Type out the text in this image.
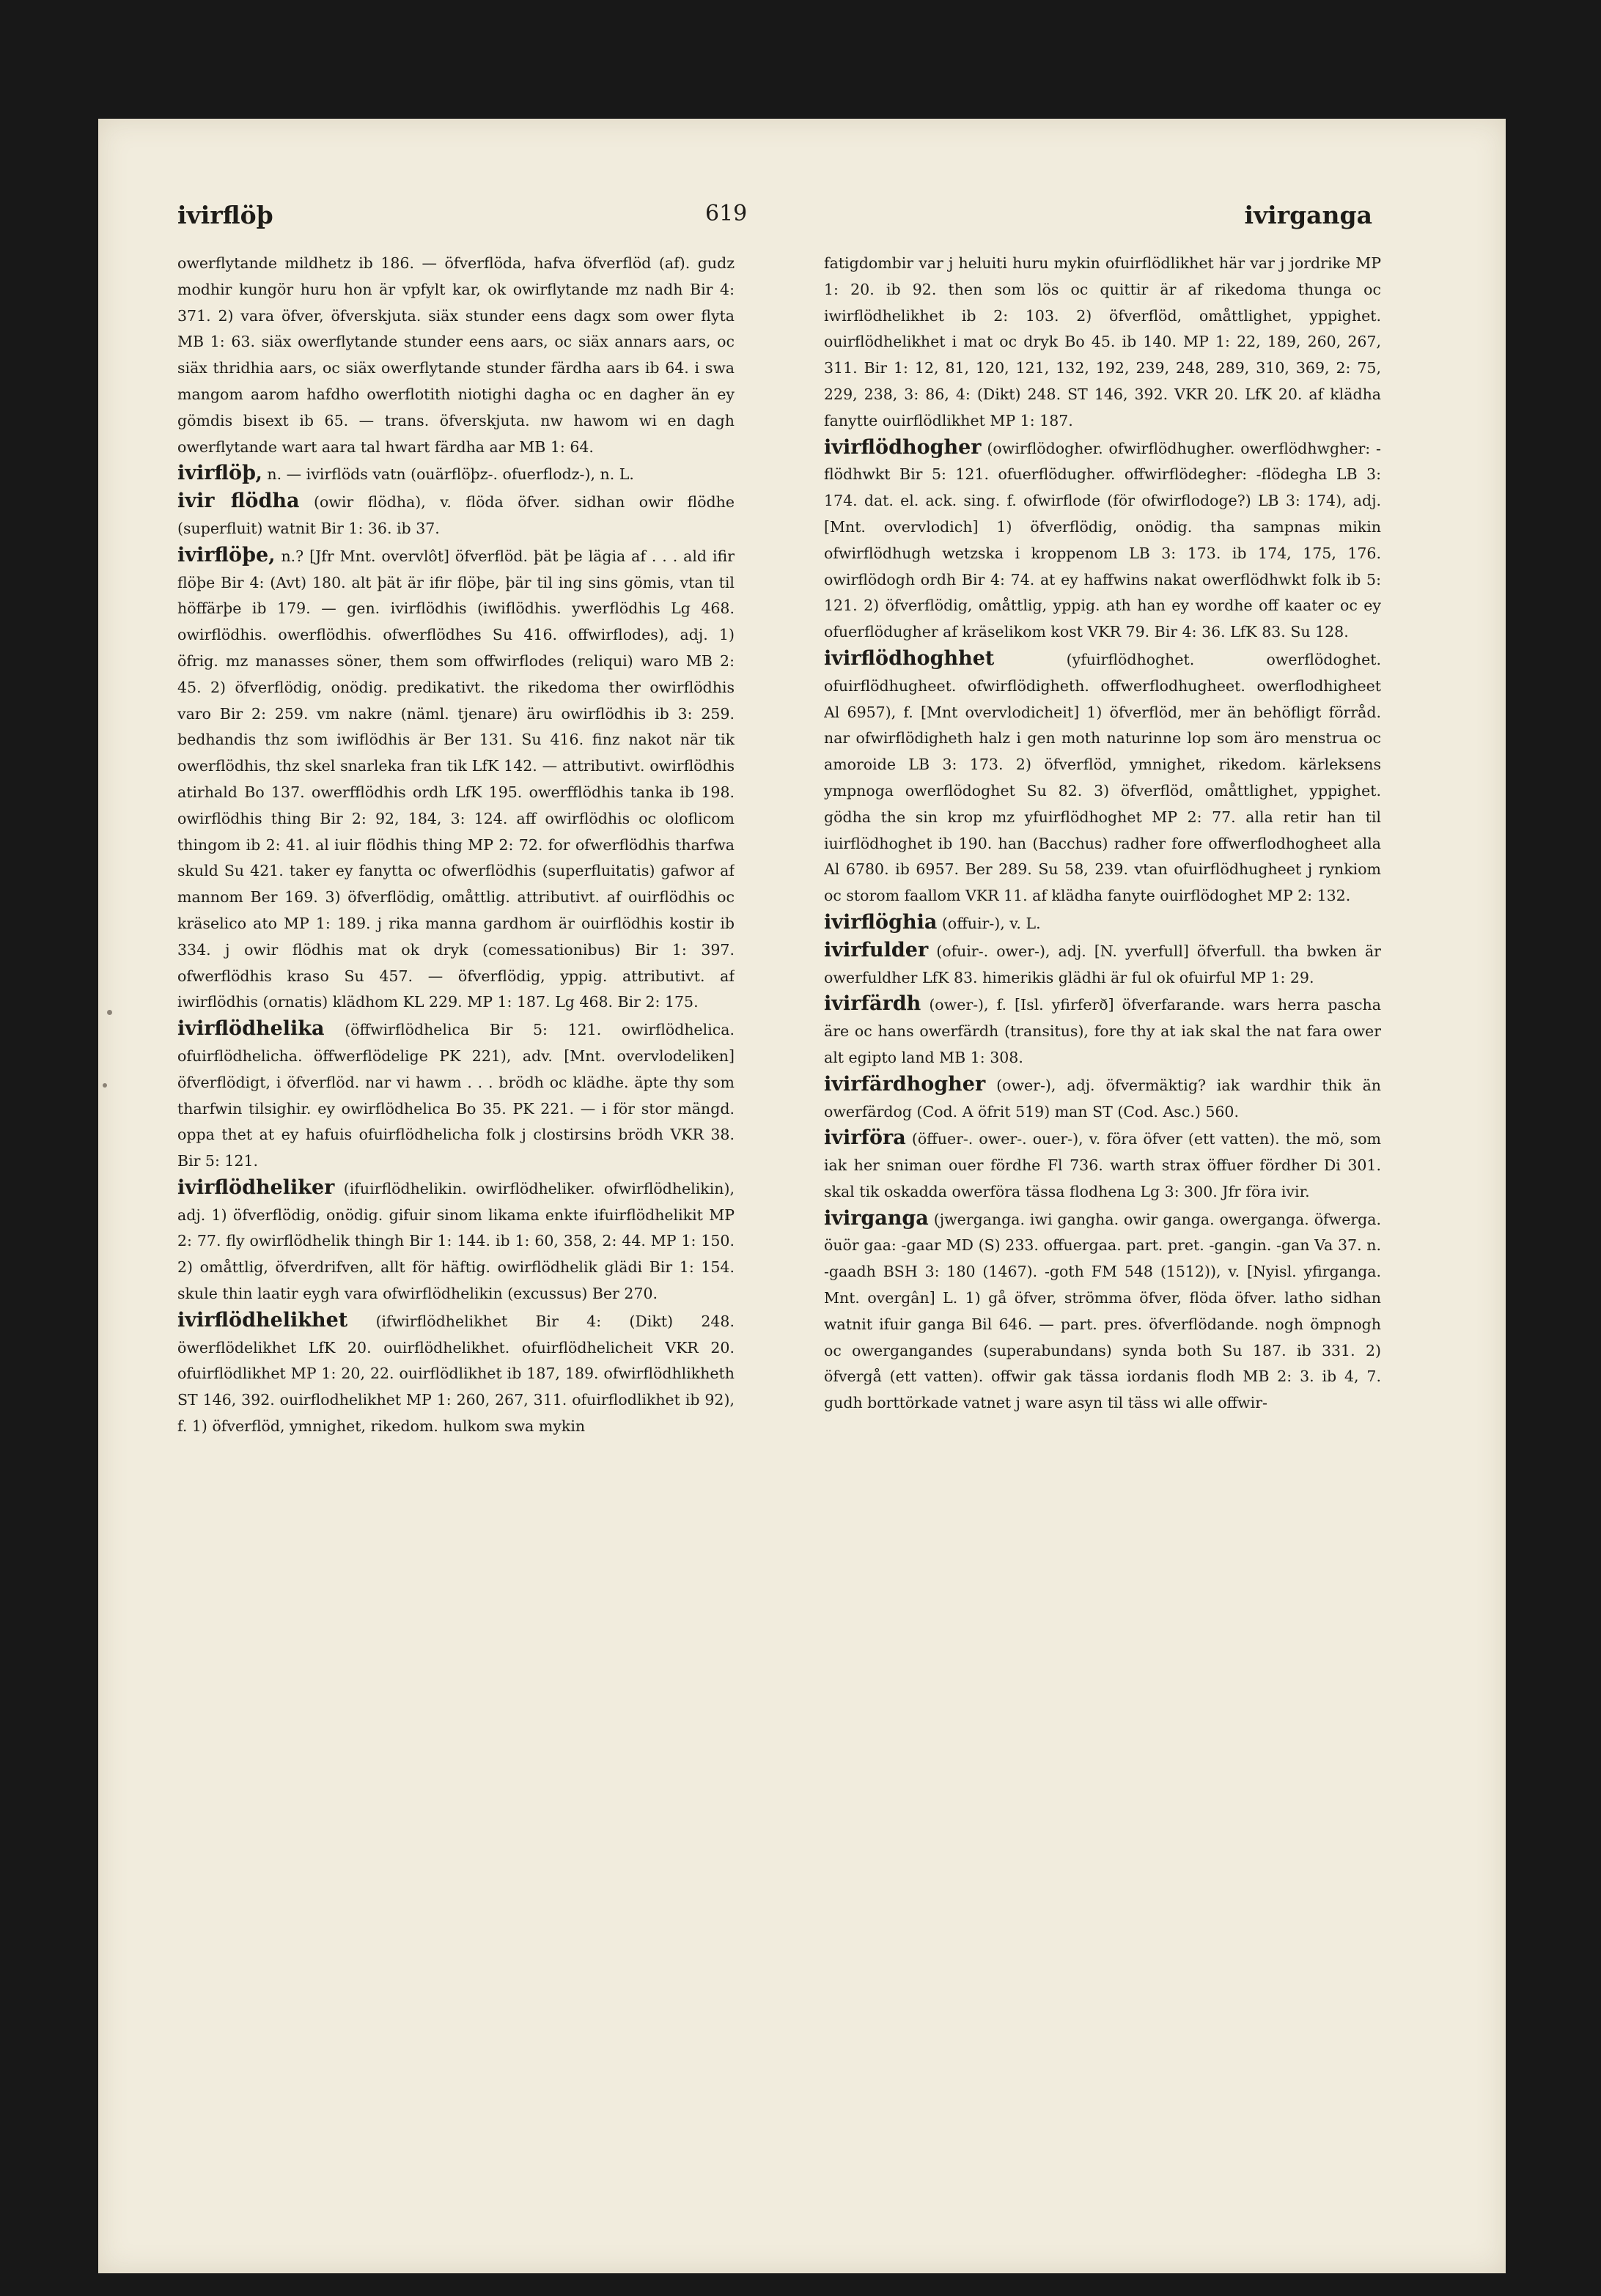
ivirflöþ	619	ivirganga

owerflytande mildhetz ib 186. — öfverflöda, hafva öfverflöd (af). gudz modhir kungör huru hon är vpfylt kar, ok owirflytande mz nadh Bir 4: 371. 2) vara öfver, öfverskjuta. siäx stunder eens dagx som ower flyta MB 1: 63. siäx owerflytande stunder eens aars, oc siäx annars aars, oc siäx thridhia aars, oc siäx owerflytande stunder färdha aars ib 64. i swa mangom aarom hafdho owerflotith niotighi dagha oc en dagher än ey gömdis bisext ib 65. — trans. öfverskjuta. nw hawom wi en dagh owerflytande wart aara tal hwart färdha aar MB 1: 64.

ivirflöþ, n. — ivirflöds vatn (ouärflöþz-. ofuerflodz-), n. L.

ivir flödha (owir flödha), v. flöda öfver. sidhan owir flödhe (superfluit) watnit Bir 1: 36. ib 37.

ivirflöþe, n.? [Jfr Mnt. overvlôt] öfverflöd. þät þe lägia af . . . ald ifir flöþe Bir 4: (Avt) 180. alt þät är ifir flöþe, þär til ing sins gömis, vtan til höffärþe ib 179. — gen. ivirflödhis (iwiflödhis. ywerflödhis Lg 468. owirflödhis. owerflödhis. ofwerflödhes Su 416. offwirflodes), adj. 1) öfrig. mz manasses söner, them som offwirflodes (reliqui) waro MB 2: 45. 2) öfverflödig, onödig. predikativt. the rikedoma ther owirflödhis varo Bir 2: 259. vm nakre (näml. tjenare) äru owirflödhis ib 3: 259. bedhandis thz som iwiflödhis är Ber 131. Su 416. finz nakot när tik owerflödhis, thz skel snarleka fran tik LfK 142. — attributivt. owirflödhis atirhald Bo 137. owerfflödhis ordh LfK 195. owerfflödhis tanka ib 198. owirflödhis thing Bir 2: 92, 184, 3: 124. aff owirflödhis oc oloflicom thingom ib 2: 41. al iuir flödhis thing MP 2: 72. for ofwerflödhis tharfwa skuld Su 421. taker ey fanytta oc ofwerflödhis (superfluitatis) gafwor af mannom Ber 169. 3) öfverflödig, omåttlig. attributivt. af ouirflödhis oc kräselico ato MP 1: 189. j rika manna gardhom är ouirflödhis kostir ib 334. j owir flödhis mat ok dryk (comessationibus) Bir 1: 397. ofwerflödhis kraso Su 457. — öfverflödig, yppig. attributivt. af iwirflödhis (ornatis) klädhom KL 229. MP 1: 187. Lg 468. Bir 2: 175.

ivirflödhelika (öffwirflödhelica Bir 5: 121. owirflödhelica. ofuirflödhelicha. öffwerflödelige PK 221), adv. [Mnt. overvlodeliken] öfverflödigt, i öfverflöd. nar vi hawm . . . brödh oc klädhe. äpte thy som tharfwin tilsighir. ey owirflödhelica Bo 35. PK 221. — i för stor mängd. oppa thet at ey hafuis ofuirflödhelicha folk j clostirsins brödh VKR 38. Bir 5: 121.

ivirflödheliker (ifuirflödhelikin. owirflödheliker. ofwirflödhelikin), adj. 1) öfverflödig, onödig. gifuir sinom likama enkte ifuirflödhelikit MP 2: 77. fly owirflödhelik thingh Bir 1: 144. ib 1: 60, 358, 2: 44. MP 1: 150. 2) omåttlig, öfverdrifven, allt för häftig. owirflödhelik glädi Bir 1: 154. skule thin laatir eygh vara ofwirflödhelikin (excussus) Ber 270.

ivirflödhelikhet (ifwirflödhelikhet Bir 4: (Dikt) 248. öwerflödelikhet LfK 20. ouirflödhelikhet. ofuirflödhelicheit VKR 20. ofuirflödlikhet MP 1: 20, 22. ouirflödlikhet ib 187, 189. ofwirflödhlikheth ST 146, 392. ouirflodhelikhet MP 1: 260, 267, 311. ofuirflodlikhet ib 92), f. 1) öfverflöd, ymnighet, rikedom. hulkom swa mykin

fatigdombir var j heluiti huru mykin ofuirflödlikhet här var j jordrike MP 1: 20. ib 92. then som lös oc quittir är af rikedoma thunga oc iwirflödhelikhet ib 2: 103. 2) öfverflöd, omåttlighet, yppighet. ouirflödhelikhet i mat oc dryk Bo 45. ib 140. MP 1: 22, 189, 260, 267, 311. Bir 1: 12, 81, 120, 121, 132, 192, 239, 248, 289, 310, 369, 2: 75, 229, 238, 3: 86, 4: (Dikt) 248. ST 146, 392. VKR 20. LfK 20. af klädha fanytte ouirflödlikhet MP 1: 187.

ivirflödhogher (owirflödogher. ofwirflödhugher. owerflödhwgher: -flödhwkt Bir 5: 121. ofuerflödugher. offwirflödegher: -flödegha LB 3: 174. dat. el. ack. sing. f. ofwirflode (för ofwirflodoge?) LB 3: 174), adj. [Mnt. overvlodich] 1) öfverflödig, onödig. tha sampnas mikin ofwirflödhugh wetzska i kroppenom LB 3: 173. ib 174, 175, 176. owirflödogh ordh Bir 4: 74. at ey haffwins nakat owerflödhwkt folk ib 5: 121. 2) öfverflödig, omåttlig, yppig. ath han ey wordhe off kaater oc ey ofuerflödugher af kräselikom kost VKR 79. Bir 4: 36. LfK 83. Su 128.

ivirflödhoghhet	(yfuirflödhoghet. owerflödoghet. ofuirflödhugheet. ofwirflödigheth. offwerflodhugheet. owerflodhigheet Al 6957), f. [Mnt overvlodicheit] 1) öfverflöd, mer än behöfligt förråd. nar ofwirflödigheth halz i gen moth naturinne lop som äro menstrua oc amoroide LB 3: 173. 2) öfverflöd, ymnighet, rikedom. kärleksens ympnoga owerflödoghet Su 82. 3) öfverflöd, omåttlighet, yppighet. gödha the sin krop mz yfuirflödhoghet MP 2: 77. alla retir han til iuirflödhoghet ib 190. han (Bacchus) radher fore offwerflodhogheet alla Al 6780. ib 6957. Ber 289. Su 58, 239. vtan ofuirflödhugheet j rynkiom oc storom faallom VKR 11. af klädha fanyte ouirflödoghet MP 2: 132.

ivirflöghia (offuir-), v. L.

ivirfulder (ofuir-. ower-), adj. [N. yverfull] öfverfull. tha bwken är owerfuldher LfK 83. himerikis glädhi är ful ok ofuirful MP 1: 29.

ivirfärdh (ower-), f. [Isl. yfirferð] öfverfarande. wars herra pascha äre oc hans owerfärdh (transitus), fore thy at iak skal the nat fara ower alt egipto land MB 1: 308.

ivirfärdhogher (ower-), adj. öfvermäktig? iak wardhir thik än owerfärdog (Cod. A öfrit 519) man ST (Cod. Asc.) 560.

ivirföra (öffuer-. ower-. ouer-), v. föra öfver (ett vatten). the mö, som iak her sniman ouer fördhe Fl 736. warth strax öffuer fördher Di 301. skal tik oskadda owerföra tässa flodhena Lg 3: 300. Jfr föra ivir.

ivirganga (jwerganga. iwi gangha. owir ganga. owerganga. öfwerga. öuör gaa: -gaar MD (S) 233. offuergaa. part. pret. -gangin. -gan Va 37. n. -gaadh BSH 3: 180 (1467). -goth FM 548 (1512)), v. [Nyisl. yfirganga. Mnt. overgân] L. 1) gå öfver, strömma öfver, flöda öfver. latho sidhan watnit ifuir ganga Bil 646. — part. pres. öfverflödande. nogh ömpnogh oc owergangandes (superabundans) synda both Su 187. ib 331. 2) öfvergå (ett vatten). offwir gak tässa iordanis flodh MB 2: 3. ib 4, 7. gudh borttörkade vatnet j ware asyn til täss wi alle offwir-
